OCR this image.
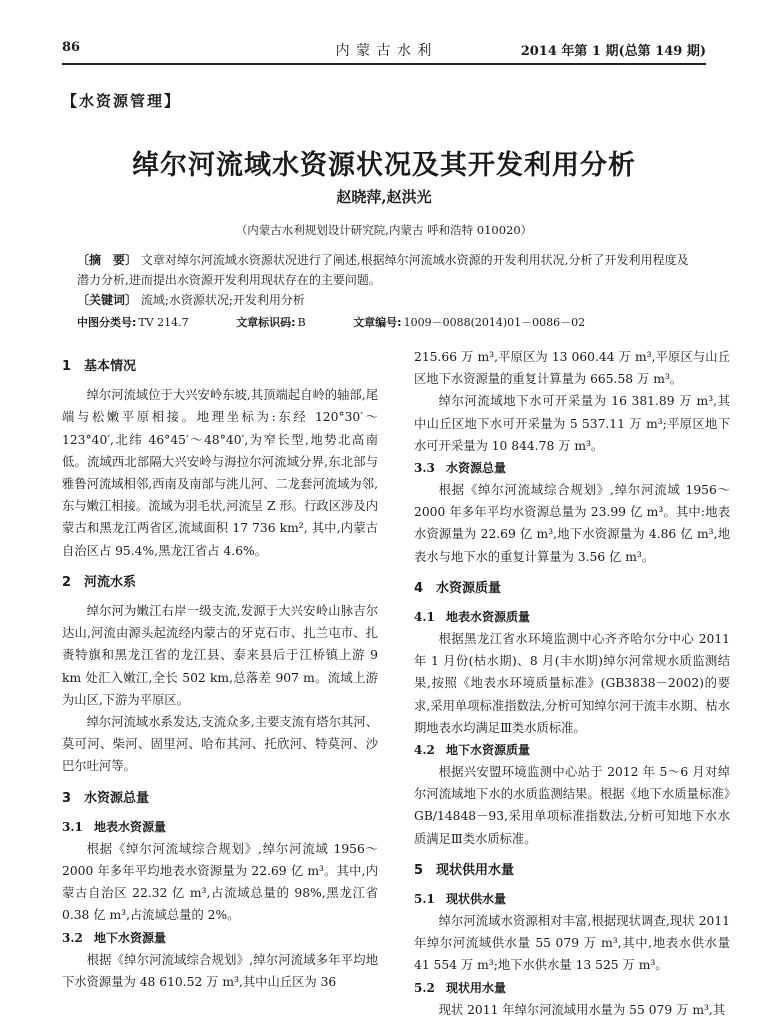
86	内 蒙 古 水 利	2014 年第 1 期(总第 149 期)
【水资源管理】
绰尔河流域水资源状况及其开发利用分析
赵晓萍,赵洪光
（内蒙古水利规划设计研究院,内蒙古 呼和浩特 010020）
〔摘　要〕 文章对绰尔河流域水资源状况进行了阐述,根据绰尔河流域水资源的开发利用状况,分析了开发利用程度及潜力分析,进而提出水资源开发利用现状存在的主要问题。
〔关键词〕 流域;水资源状况;开发利用分析
中图分类号: TV 214.7	文章标识码: B	文章编号: 1009－0088(2014)01－0086－02
1 基本情况

绰尔河流域位于大兴安岭东坡,其顶端起自岭的轴部,尾端与松嫩平原相接。地理坐标为:东经 120°30′～123°40′,北纬 46°45′～48°40′,为窄长型,地势北高南低。流域西北部隔大兴安岭与海拉尔河流域分界,东北部与雅鲁河流域相邻,西南及南部与洮儿河、二龙套河流域为邻,东与嫩江相接。流域为羽毛状,河流呈 Z 形。行政区涉及内蒙古和黑龙江两省区,流域面积 17 736 km², 其中,内蒙古自治区占 95.4%,黑龙江省占 4.6%。

2 河流水系

绰尔河为嫩江右岸一级支流,发源于大兴安岭山脉吉尔达山,河流由源头起流经内蒙古的牙克石市、扎兰屯市、扎赉特旗和黑龙江省的龙江县、泰来县后于江桥镇上游 9 km 处汇入嫩江,全长 502 km,总落差 907 m。流域上游为山区,下游为平原区。

绰尔河流域水系发达,支流众多,主要支流有塔尔其河、莫可河、柴河、固里河、哈布其河、托欣河、特莫河、沙巴尔吐河等。

3 水资源总量
3.1 地表水资源量

根据《绰尔河流域综合规划》,绰尔河流域 1956～2000 年多年平均地表水资源量为 22.69 亿 m³。其中,内蒙古自治区 22.32 亿 m³,占流域总量的 98%,黑龙江省 0.38 亿 m³,占流域总量的 2%。

3.2 地下水资源量

根据《绰尔河流域综合规划》,绰尔河流域多年平均地下水资源量为 48 610.52 万 m³,其中山丘区为 36

215.66 万 m³,平原区为 13 060.44 万 m³,平原区与山丘区地下水资源量的重复计算量为 665.58 万 m³。

绰尔河流域地下水可开采量为 16 381.89 万 m³,其中山丘区地下水可开采量为 5 537.11 万 m³;平原区地下水可开采量为 10 844.78 万 m³。

3.3 水资源总量

根据《绰尔河流域综合规划》,绰尔河流域 1956～2000 年多年平均水资源总量为 23.99 亿 m³。其中:地表水资源量为 22.69 亿 m³,地下水资源量为 4.86 亿 m³,地表水与地下水的重复计算量为 3.56 亿 m³。

4 水资源质量
4.1 地表水资源质量

根据黑龙江省水环境监测中心齐齐哈尔分中心 2011 年 1 月份(枯水期)、8 月(丰水期)绰尔河常规水质监测结果,按照《地表水环境质量标准》(GB3838－2002)的要求,采用单项标准指数法,分析可知绰尔河干流丰水期、枯水期地表水均满足Ⅲ类水质标准。

4.2 地下水资源质量

根据兴安盟环境监测中心站于 2012 年 5～6 月对绰尔河流域地下水的水质监测结果。根据《地下水质量标准》GB/14848－93,采用单项标准指数法,分析可知地下水水质满足Ⅲ类水质标准。

5 现状供用水量
5.1 现状供水量

绰尔河流域水资源相对丰富,根据现状调查,现状 2011 年绰尔河流域供水量 55 079 万 m³,其中,地表水供水量 41 554 万 m³;地下水供水量 13 525 万 m³。

5.2 现状用水量

现状 2011 年绰尔河流域用水量为 55 079 万 m³,其
